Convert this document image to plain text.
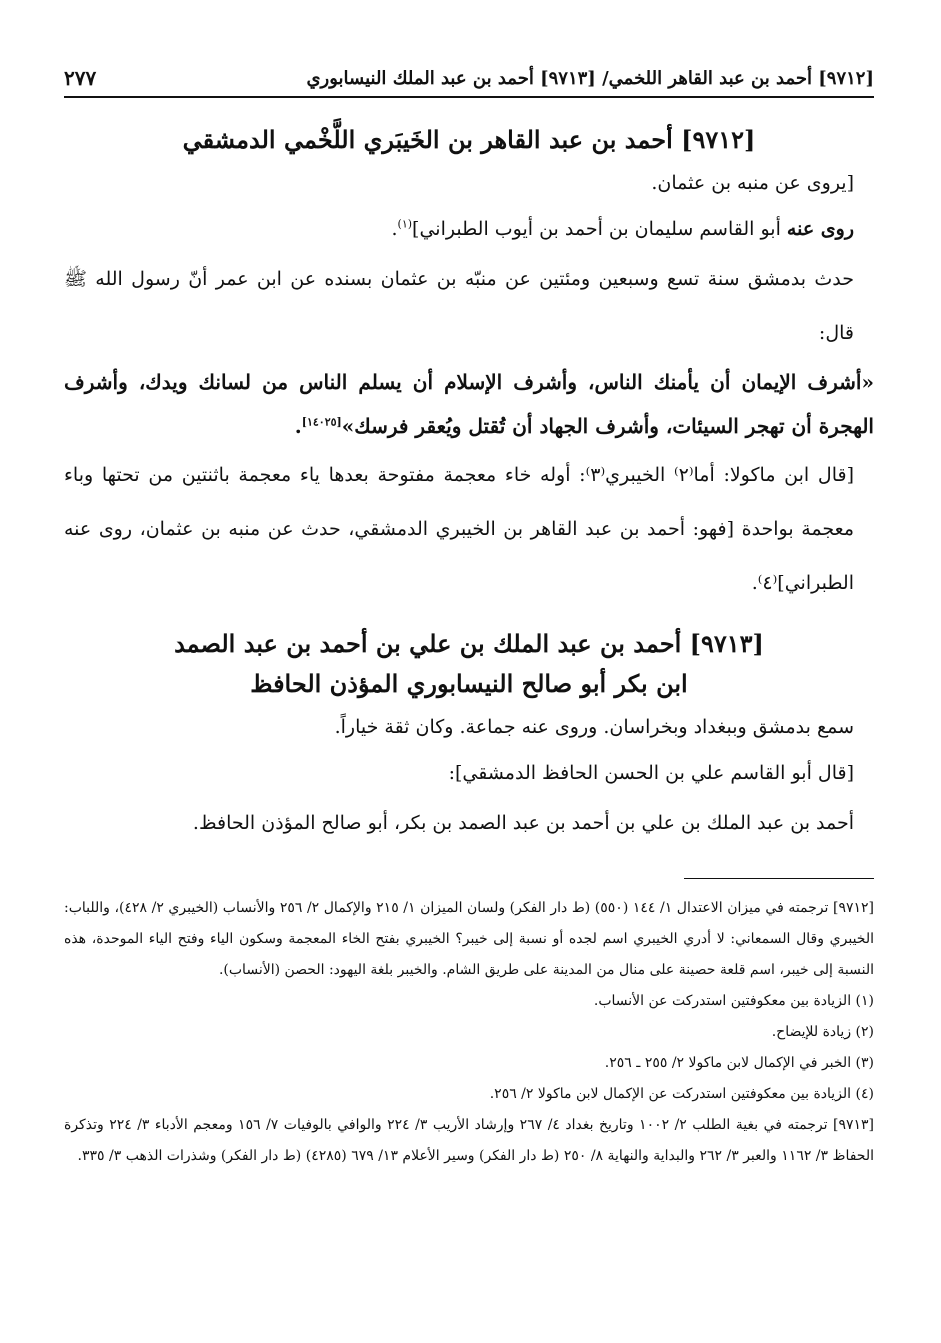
[٩٧١٢] أحمد بن عبد القاهر اللخمي/ [٩٧١٣] أحمد بن عبد الملك النيسابوري
٢٧٧
[٩٧١٢] أحمد بن عبد القاهر بن الخَيبَري اللَّخْمي الدمشقي

[يروى عن منبه بن عثمان.

روى عنه أبو القاسم سليمان بن أحمد بن أيوب الطبراني]$^{(١)}$.

حدث بدمشق سنة تسع وسبعين ومئتين عن منبّه بن عثمان بسنده عن ابن عمر أنّ رسول الله ﷺ قال:

«أشرف الإيمان أن يأمنك الناس، وأشرف الإسلام أن يسلم الناس من لسانك ويدك، وأشرف الهجرة أن تهجر السيئات، وأشرف الجهاد أن تُقتل ويُعقر فرسك»[١٤٠٢٥].

[قال ابن ماكولا: أما⁽٢⁾ الخيبري⁽٣⁾: أوله خاء معجمة مفتوحة بعدها ياء معجمة باثنتين من تحتها وباء معجمة بواحدة [فهو: أحمد بن عبد القاهر بن الخيبري الدمشقي، حدث عن منبه بن عثمان، روى عنه الطبراني]⁽٤⁾.

[٩٧١٣] أحمد بن عبد الملك بن علي بن أحمد بن عبد الصمد
ابن بكر أبو صالح النيسابوري المؤذن الحافظ

سمع بدمشق وببغداد وبخراسان. وروى عنه جماعة. وكان ثقة خياراً.

[قال أبو القاسم علي بن الحسن الحافظ الدمشقي]:

أحمد بن عبد الملك بن علي بن أحمد بن عبد الصمد بن بكر، أبو صالح المؤذن الحافظ.

[٩٧١٢] ترجمته في ميزان الاعتدال ١/ ١٤٤ (٥٥٠) (ط دار الفكر) ولسان الميزان ١/ ٢١٥ والإكمال ٢/ ٢٥٦ والأنساب (الخيبري ٢/ ٤٢٨)، واللباب: الخيبري وقال السمعاني: لا أدري الخيبري اسم لجده أو نسبة إلى خيبر؟ الخيبري بفتح الخاء المعجمة وسكون الياء وفتح الياء الموحدة، هذه النسبة إلى خيبر، اسم قلعة حصينة على منال من المدينة على طريق الشام. والخيبر بلغة اليهود: الحصن (الأنساب).

(١) الزيادة بين معكوفتين استدركت عن الأنساب.

(٢) زيادة للإيضاح.

(٣) الخبر في الإكمال لابن ماكولا ٢/ ٢٥٥ ـ ٢٥٦.

(٤) الزيادة بين معكوفتين استدركت عن الإكمال لابن ماكولا ٢/ ٢٥٦.

[٩٧١٣] ترجمته في بغية الطلب ٢/ ١٠٠٢ وتاريخ بغداد ٤/ ٢٦٧ وإرشاد الأريب ٣/ ٢٢٤ والوافي بالوفيات ٧/ ١٥٦ ومعجم الأدباء ٣/ ٢٢٤ وتذكرة الحفاظ ٣/ ١١٦٢ والعبر ٣/ ٢٦٢ والبداية والنهاية ٨/ ٢٥٠ (ط دار الفكر) وسير الأعلام ١٣/ ٦٧٩ (٤٢٨٥) (ط دار الفكر) وشذرات الذهب ٣/ ٣٣٥.
